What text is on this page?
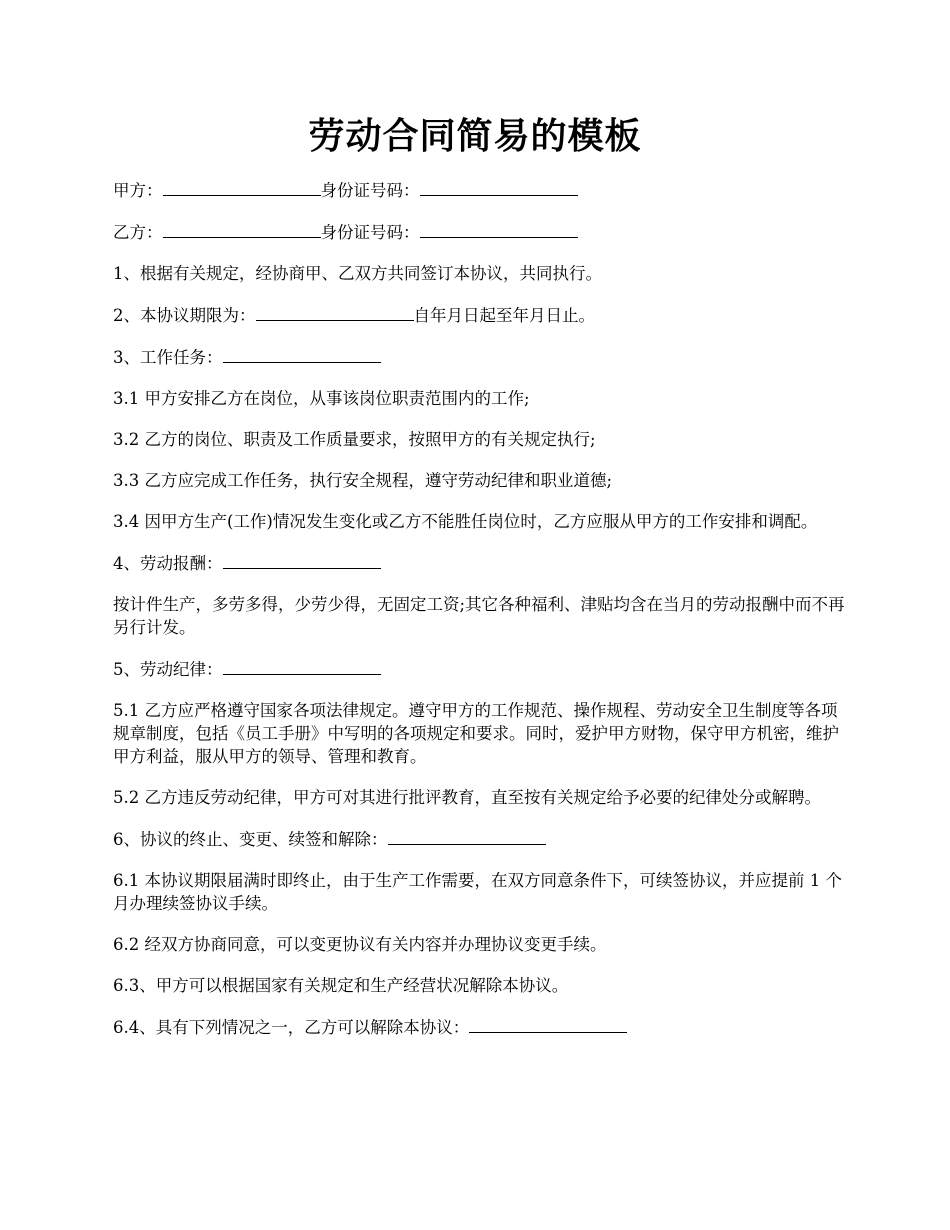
劳动合同简易的模板

甲方：	身份证号码：

乙方：	身份证号码：

1、根据有关规定，经协商甲、乙双方共同签订本协议，共同执行。

2、本协议期限为：	自年月日起至年月日止。

3、工作任务：

3.1 甲方安排乙方在岗位，从事该岗位职责范围内的工作;

3.2 乙方的岗位、职责及工作质量要求，按照甲方的有关规定执行;

3.3 乙方应完成工作任务，执行安全规程，遵守劳动纪律和职业道德;

3.4 因甲方生产(工作)情况发生变化或乙方不能胜任岗位时，乙方应服从甲方的工作安排和调配。

4、劳动报酬：

按计件生产，多劳多得，少劳少得，无固定工资;其它各种福利、津贴均含在当月的劳动报酬中而不再另行计发。

5、劳动纪律：

5.1 乙方应严格遵守国家各项法律规定。遵守甲方的工作规范、操作规程、劳动安全卫生制度等各项规章制度，包括《员工手册》中写明的各项规定和要求。同时，爱护甲方财物，保守甲方机密，维护甲方利益，服从甲方的领导、管理和教育。

5.2 乙方违反劳动纪律，甲方可对其进行批评教育，直至按有关规定给予必要的纪律处分或解聘。

6、协议的终止、变更、续签和解除：

6.1 本协议期限届满时即终止，由于生产工作需要，在双方同意条件下，可续签协议，并应提前 1 个月办理续签协议手续。

6.2 经双方协商同意，可以变更协议有关内容并办理协议变更手续。

6.3、甲方可以根据国家有关规定和生产经营状况解除本协议。

6.4、具有下列情况之一，乙方可以解除本协议：
